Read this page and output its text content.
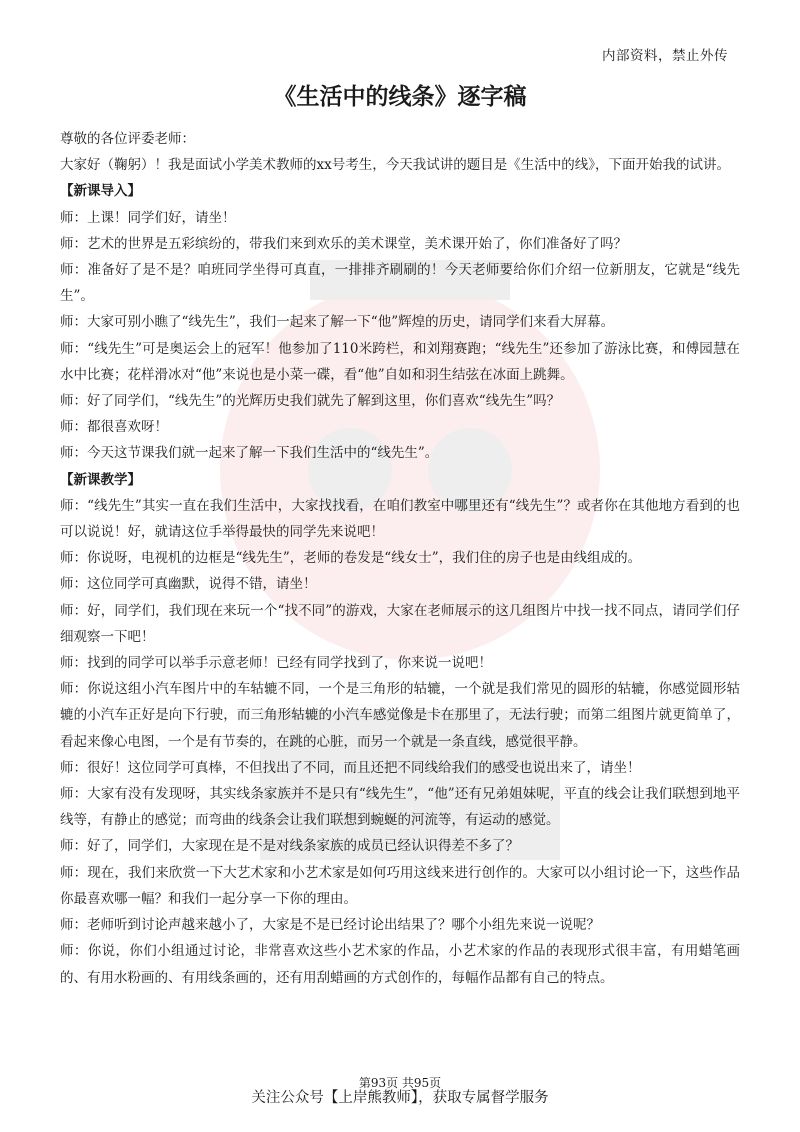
内部资料，禁止外传
《生活中的线条》逐字稿

尊敬的各位评委老师：

大家好（鞠躬）！我是面试小学美术教师的xx号考生，今天我试讲的题目是《生活中的线》，下面开始我的试讲。

【新课导入】

师：上课！同学们好，请坐！

师：艺术的世界是五彩缤纷的，带我们来到欢乐的美术课堂，美术课开始了，你们准备好了吗？

师：准备好了是不是？咱班同学坐得可真直，一排排齐刷刷的！今天老师要给你们介绍一位新朋友，它就是“线先生”。

师：大家可别小瞧了“线先生”，我们一起来了解一下“他”辉煌的历史，请同学们来看大屏幕。

师：“线先生”可是奥运会上的冠军！他参加了110米跨栏，和刘翔赛跑；“线先生”还参加了游泳比赛，和傅园慧在水中比赛；花样滑冰对“他”来说也是小菜一碟，看“他”自如和羽生结弦在冰面上跳舞。

师：好了同学们，“线先生”的光辉历史我们就先了解到这里，你们喜欢“线先生”吗？

师：都很喜欢呀！

师：今天这节课我们就一起来了解一下我们生活中的“线先生”。

【新课教学】

师：“线先生”其实一直在我们生活中，大家找找看，在咱们教室中哪里还有“线先生”？或者你在其他地方看到的也可以说说！好，就请这位手举得最快的同学先来说吧！

师：你说呀，电视机的边框是“线先生”，老师的卷发是“线女士”，我们住的房子也是由线组成的。

师：这位同学可真幽默，说得不错，请坐！

师：好，同学们，我们现在来玩一个“找不同”的游戏，大家在老师展示的这几组图片中找一找不同点，请同学们仔细观察一下吧！

师：找到的同学可以举手示意老师！已经有同学找到了，你来说一说吧！

师：你说这组小汽车图片中的车轱辘不同，一个是三角形的轱辘，一个就是我们常见的圆形的轱辘，你感觉圆形轱辘的小汽车正好是向下行驶，而三角形轱辘的小汽车感觉像是卡在那里了，无法行驶；而第二组图片就更简单了，看起来像心电图，一个是有节奏的，在跳的心脏，而另一个就是一条直线，感觉很平静。

师：很好！这位同学可真棒，不但找出了不同，而且还把不同线给我们的感受也说出来了，请坐！

师：大家有没有发现呀，其实线条家族并不是只有“线先生”，“他”还有兄弟姐妹呢，平直的线会让我们联想到地平线等，有静止的感觉；而弯曲的线条会让我们联想到蜿蜒的河流等，有运动的感觉。

师：好了，同学们，大家现在是不是对线条家族的成员已经认识得差不多了？

师：现在，我们来欣赏一下大艺术家和小艺术家是如何巧用这线来进行创作的。大家可以小组讨论一下，这些作品你最喜欢哪一幅？和我们一起分享一下你的理由。

师：老师听到讨论声越来越小了，大家是不是已经讨论出结果了？哪个小组先来说一说呢？

师：你说，你们小组通过讨论，非常喜欢这些小艺术家的作品，小艺术家的作品的表现形式很丰富，有用蜡笔画的、有用水粉画的、有用线条画的，还有用刮蜡画的方式创作的，每幅作品都有自己的特点。

第93页 共95页
关注公众号【上岸熊教师】，获取专属督学服务
